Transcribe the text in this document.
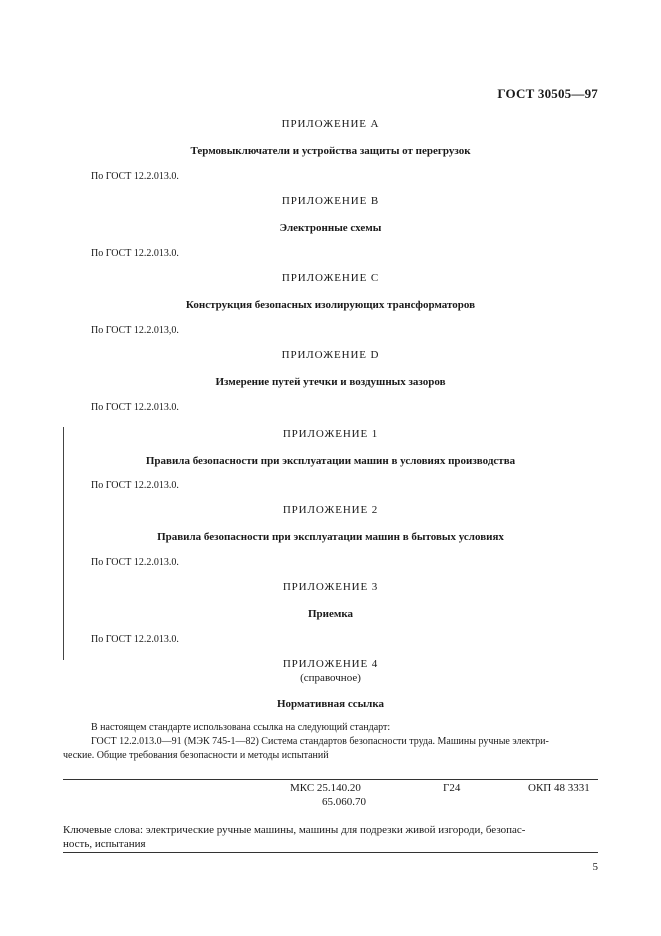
ГОСТ 30505—97
ПРИЛОЖЕНИЕ А
Термовыключатели и устройства защиты от перегрузок
По ГОСТ 12.2.013.0.
ПРИЛОЖЕНИЕ В
Электронные схемы
По ГОСТ 12.2.013.0.
ПРИЛОЖЕНИЕ С
Конструкция безопасных изолирующих трансформаторов
По ГОСТ 12.2.013,0.
ПРИЛОЖЕНИЕ D
Измерение путей утечки и воздушных зазоров
По ГОСТ 12.2.013.0.
ПРИЛОЖЕНИЕ 1
Правила безопасности при эксплуатации машин в условиях производства
По ГОСТ 12.2.013.0.
ПРИЛОЖЕНИЕ 2
Правила безопасности при эксплуатации машин в бытовых условиях
По ГОСТ 12.2.013.0.
ПРИЛОЖЕНИЕ 3
Приемка
По ГОСТ 12.2.013.0.
ПРИЛОЖЕНИЕ 4
(справочное)
Нормативная ссылка
В настоящем стандарте использована ссылка на следующий стандарт:
ГОСТ 12.2.013.0—91 (МЭК 745-1—82) Система стандартов безопасности труда. Машины ручные электри-
ческие. Общие требования безопасности и методы испытаний
МКС 25.140.20
65.060.70
Г24	ОКП 48 3331
Ключевые слова: электрические ручные машины, машины для подрезки живой изгороди, безопас-
ность, испытания
5
